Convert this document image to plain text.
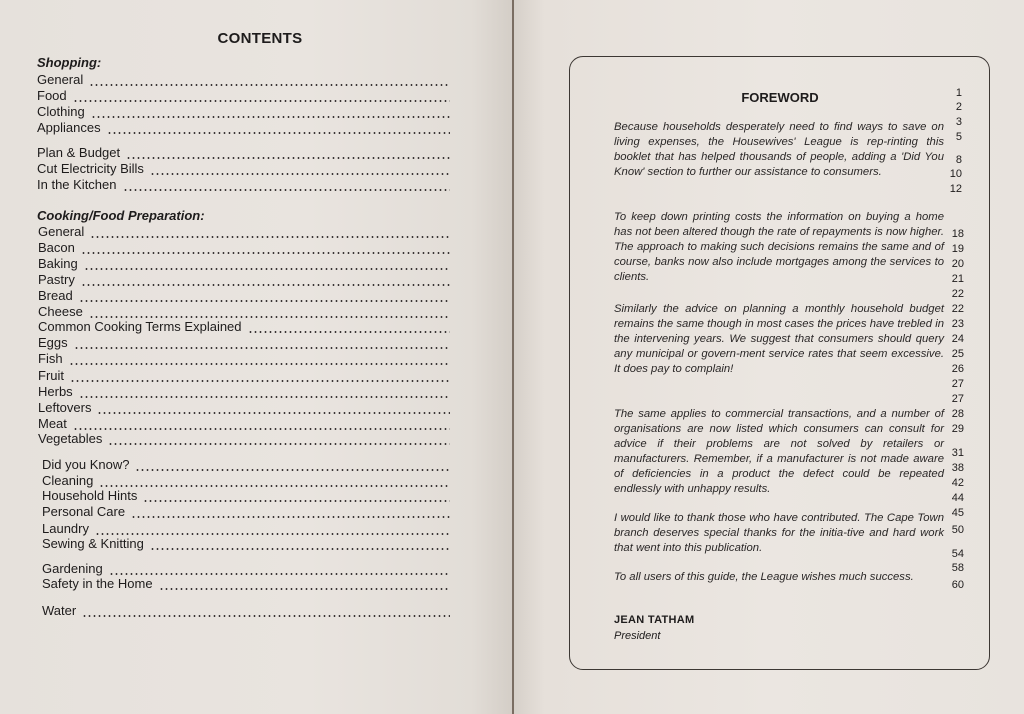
CONTENTS
Shopping:
Cooking/Food Preparation:
General
Food
Clothing
Appliances
Plan & Budget
Cut Electricity Bills
In the Kitchen
1
2
3
5
8
10
12
General
Bacon
Baking
Pastry
Bread
Cheese
Common Cooking Terms Explained
Eggs
Fish
Fruit
Herbs
Leftovers
Meat
Vegetables
Did you Know?
Cleaning
Household Hints
Personal Care
Laundry
Sewing & Knitting
Gardening
Safety in the Home
Water
18
19
20
21
22
22
23
24
25
26
27
27
28
29
31
38
42
44
45
50
54
58
60
FOREWORD
Because households desperately need to find ways to save on living expenses, the Housewives' League is rep-rinting this booklet that has helped thousands of people, adding a 'Did You Know' section to further our assistance to consumers.
To keep down printing costs the information on buying a home has not been altered though the rate of repayments is now higher. The approach to making such decisions remains the same and of course, banks now also include mortgages among the services to clients.
Similarly the advice on planning a monthly household budget remains the same though in most cases the prices have trebled in the intervening years. We suggest that consumers should query any municipal or govern-ment service rates that seem excessive. It does pay to complain!
The same applies to commercial transactions, and a number of organisations are now listed which consumers can consult for advice if their problems are not solved by retailers or manufacturers. Remember, if a manufacturer is not made aware of deficiencies in a product the defect could be repeated endlessly with unhappy results.
I would like to thank those who have contributed. The Cape Town branch deserves special thanks for the initia-tive and hard work that went into this publication.
To all users of this guide, the League wishes much success.
JEAN TATHAM
President
